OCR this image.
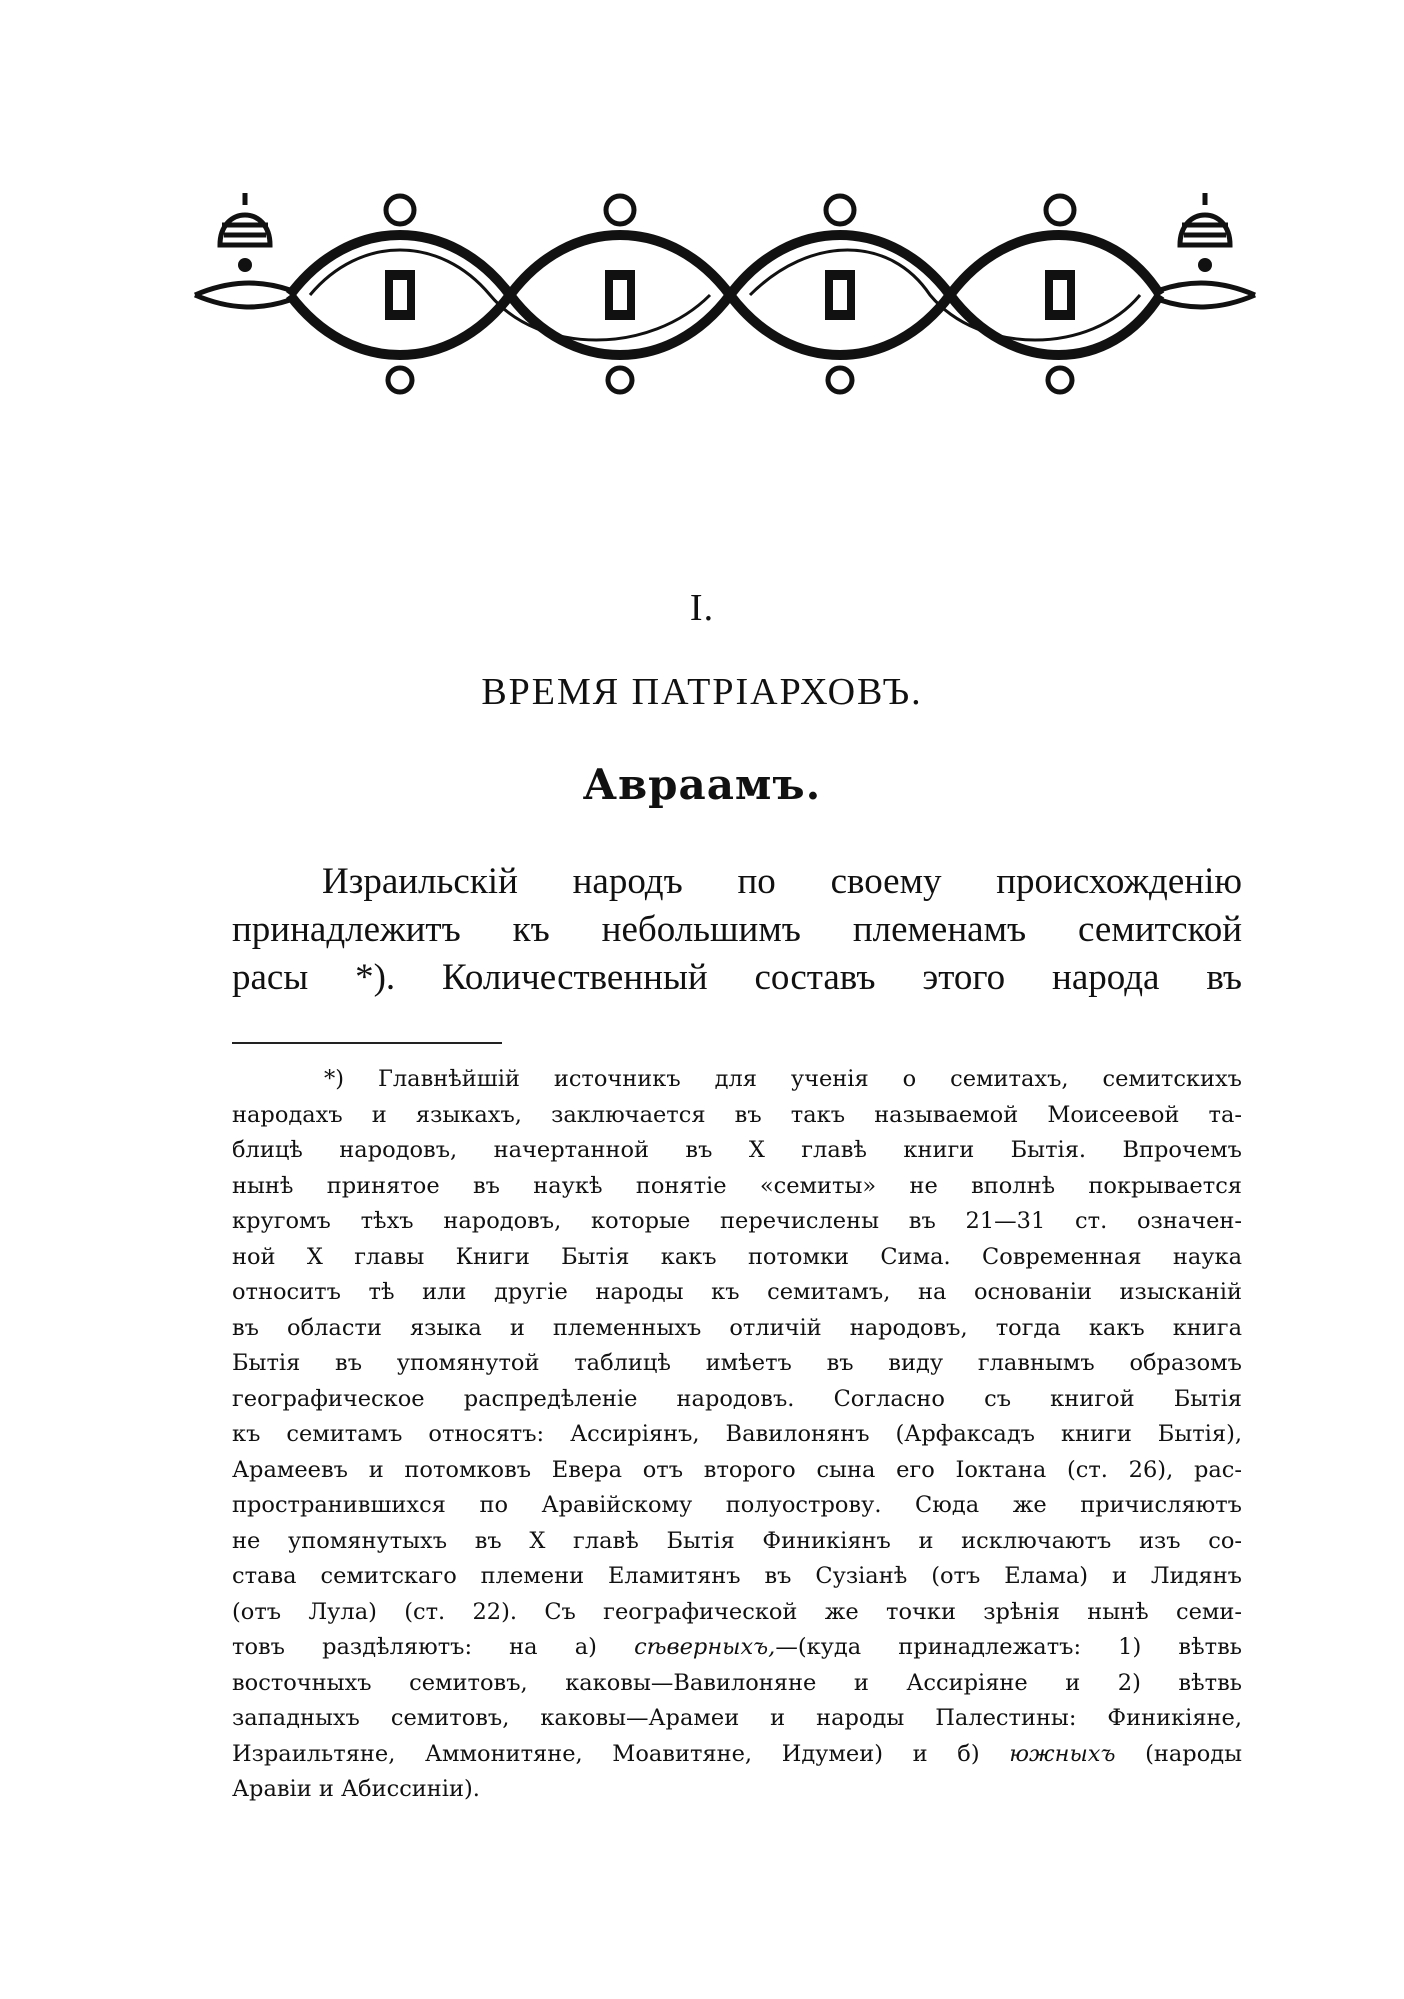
I.
ВРЕМЯ ПАТРІАРХОВЪ.
Авраамъ.
Израильскій народъ по своему происхожденію
принадлежитъ къ небольшимъ племенамъ семитской
расы *). Количественный составъ этого народа въ
*) Главнѣйшій источникъ для ученія о семитахъ, семитскихъ
народахъ и языкахъ, заключается въ такъ называемой Моисеевой та-
блицѣ народовъ, начертанной въ X главѣ книги Бытія. Впрочемъ
нынѣ принятое въ наукѣ понятіе «семиты» не вполнѣ покрывается
кругомъ тѣхъ народовъ, которые перечислены въ 21—31 ст. означен-
ной X главы Книги Бытія какъ потомки Сима. Современная наука
относитъ тѣ или другіе народы къ семитамъ, на основаніи изысканій
въ области языка и племенныхъ отличій народовъ, тогда какъ книга
Бытія въ упомянутой таблицѣ имѣетъ въ виду главнымъ образомъ
географическое распредѣленіе народовъ. Согласно съ книгой Бытія
къ семитамъ относятъ: Ассиріянъ, Вавилонянъ (Арфаксадъ книги Бытія),
Арамеевъ и потомковъ Евера отъ второго сына его Іоктана (ст. 26), рас-
пространившихся по Аравійскому полуострову. Сюда же причисляютъ
не упомянутыхъ въ X главѣ Бытія Финикіянъ и исключаютъ изъ со-
става семитскаго племени Еламитянъ въ Сузіанѣ (отъ Елама) и Лидянъ
(отъ Лула) (ст. 22). Съ географической же точки зрѣнія нынѣ семи-
товъ раздѣляютъ: на а) сѣверныхъ,—(куда принадлежатъ: 1) вѣтвь
восточныхъ семитовъ, каковы—Вавилоняне и Ассиріяне и 2) вѣтвь
западныхъ семитовъ, каковы—Арамеи и народы Палестины: Финикіяне,
Израильтяне, Аммонитяне, Моавитяне, Идумеи) и б) южныхъ (народы
Аравіи и Абиссиніи).
